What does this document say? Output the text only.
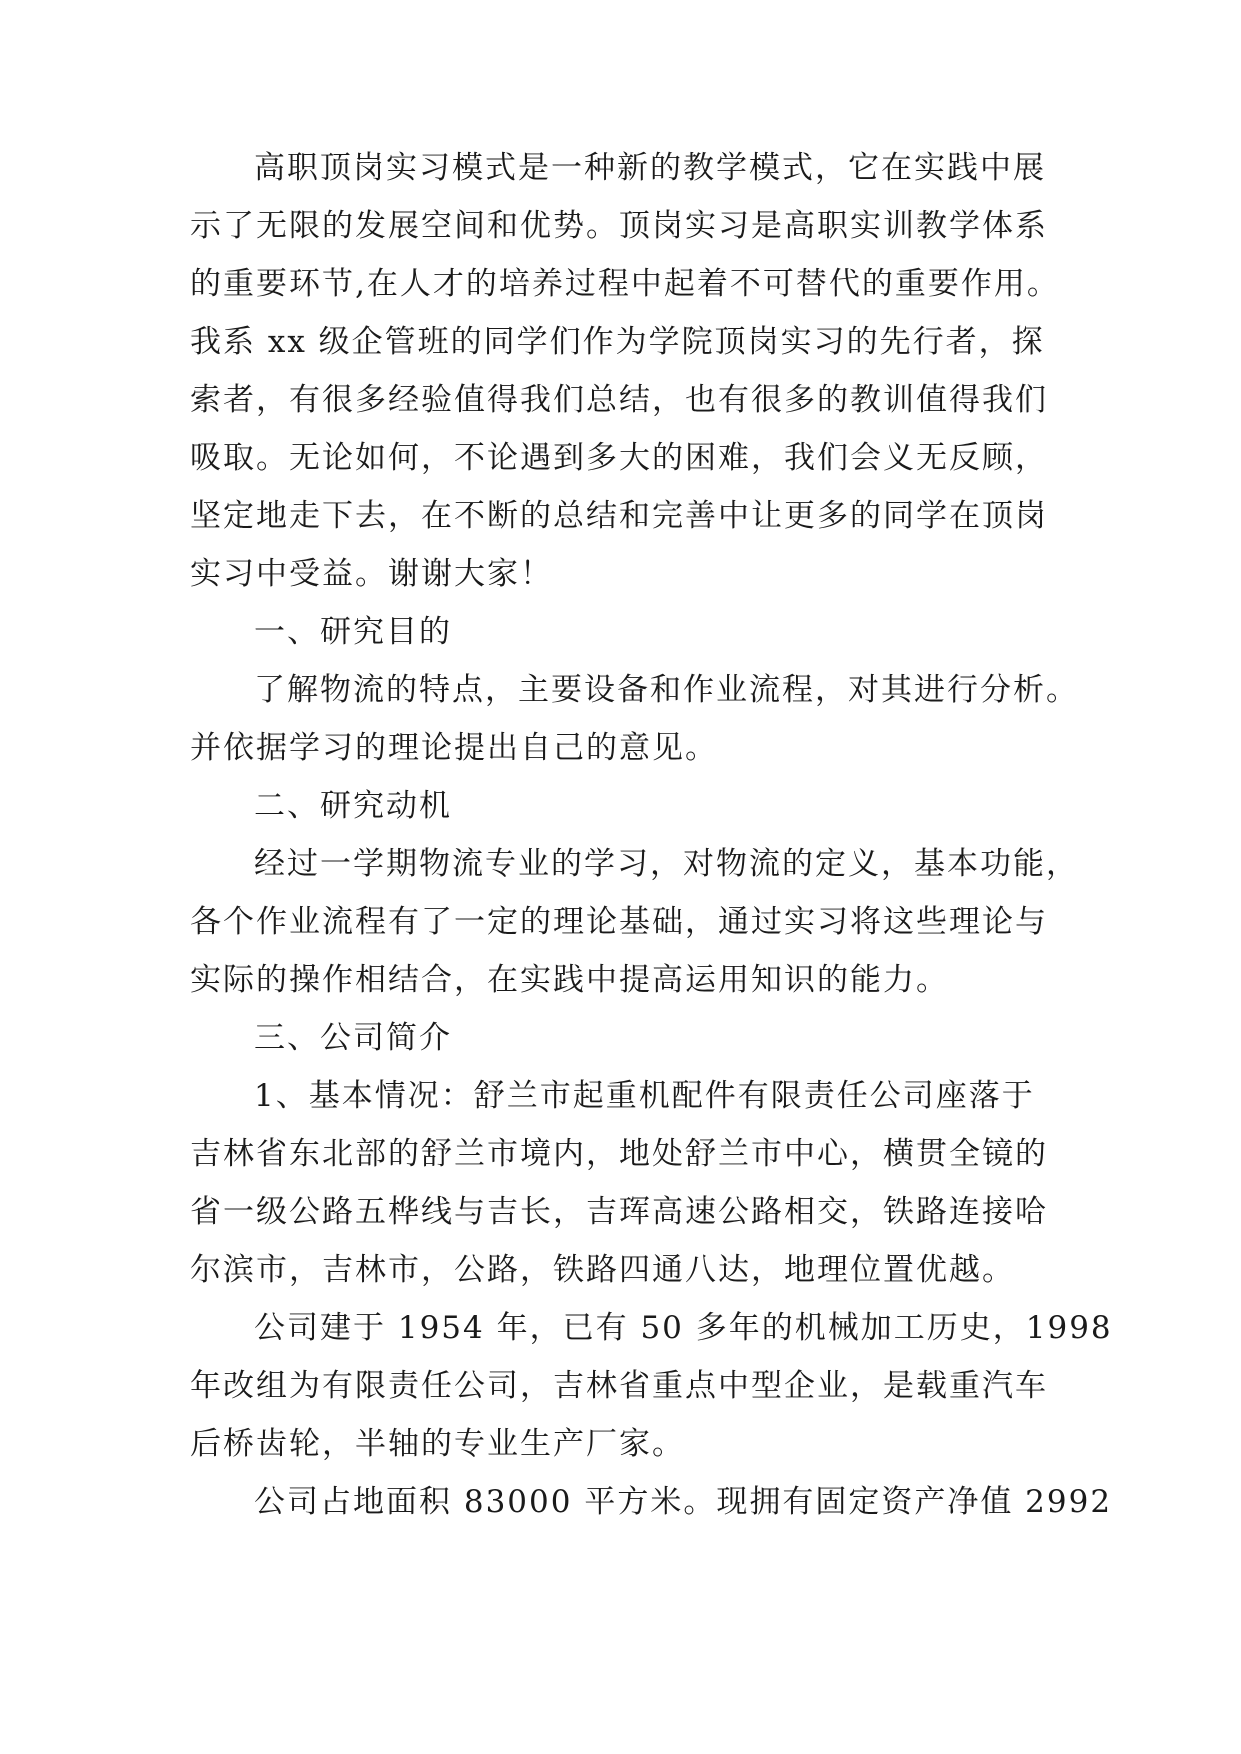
高职顶岗实习模式是一种新的教学模式，它在实践中展
示了无限的发展空间和优势。顶岗实习是高职实训教学体系
的重要环节,在人才的培养过程中起着不可替代的重要作用。
我系 xx 级企管班的同学们作为学院顶岗实习的先行者，探
索者，有很多经验值得我们总结，也有很多的教训值得我们
吸取。无论如何，不论遇到多大的困难，我们会义无反顾，
坚定地走下去，在不断的总结和完善中让更多的同学在顶岗
实习中受益。谢谢大家！
一、研究目的
了解物流的特点，主要设备和作业流程，对其进行分析。
并依据学习的理论提出自己的意见。
二、研究动机
经过一学期物流专业的学习，对物流的定义，基本功能，
各个作业流程有了一定的理论基础，通过实习将这些理论与
实际的操作相结合，在实践中提高运用知识的能力。
三、公司简介
1、基本情况：舒兰市起重机配件有限责任公司座落于
吉林省东北部的舒兰市境内，地处舒兰市中心，横贯全镜的
省一级公路五桦线与吉长，吉珲高速公路相交，铁路连接哈
尔滨市，吉林市，公路，铁路四通八达，地理位置优越。
公司建于 1954 年，已有 50 多年的机械加工历史，1998
年改组为有限责任公司，吉林省重点中型企业，是载重汽车
后桥齿轮，半轴的专业生产厂家。
公司占地面积 83000 平方米。现拥有固定资产净值 2992
